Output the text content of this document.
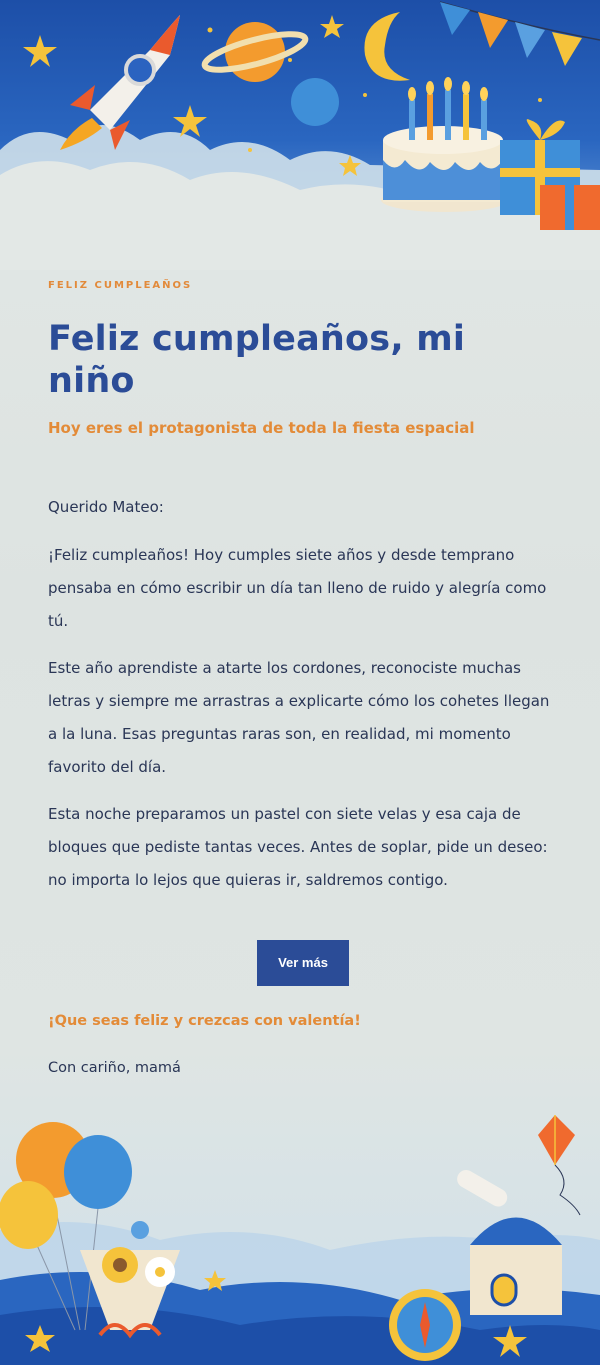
FELIZ CUMPLEAÑOS

Feliz cumpleaños, mi niño

Hoy eres el protagonista de toda la fiesta espacial

Querido Mateo:

¡Feliz cumpleaños! Hoy cumples siete años y desde temprano pensaba en cómo escribir un día tan lleno de ruido y alegría como tú.

Este año aprendiste a atarte los cordones, reconociste muchas letras y siempre me arrastras a explicarte cómo los cohetes llegan a la luna. Esas preguntas raras son, en realidad, mi momento favorito del día.

Esta noche preparamos un pastel con siete velas y esa caja de bloques que pediste tantas veces. Antes de soplar, pide un deseo: no importa lo lejos que quieras ir, saldremos contigo.

Ver más

¡Que seas feliz y crezcas con valentía!

Con cariño, mamá
